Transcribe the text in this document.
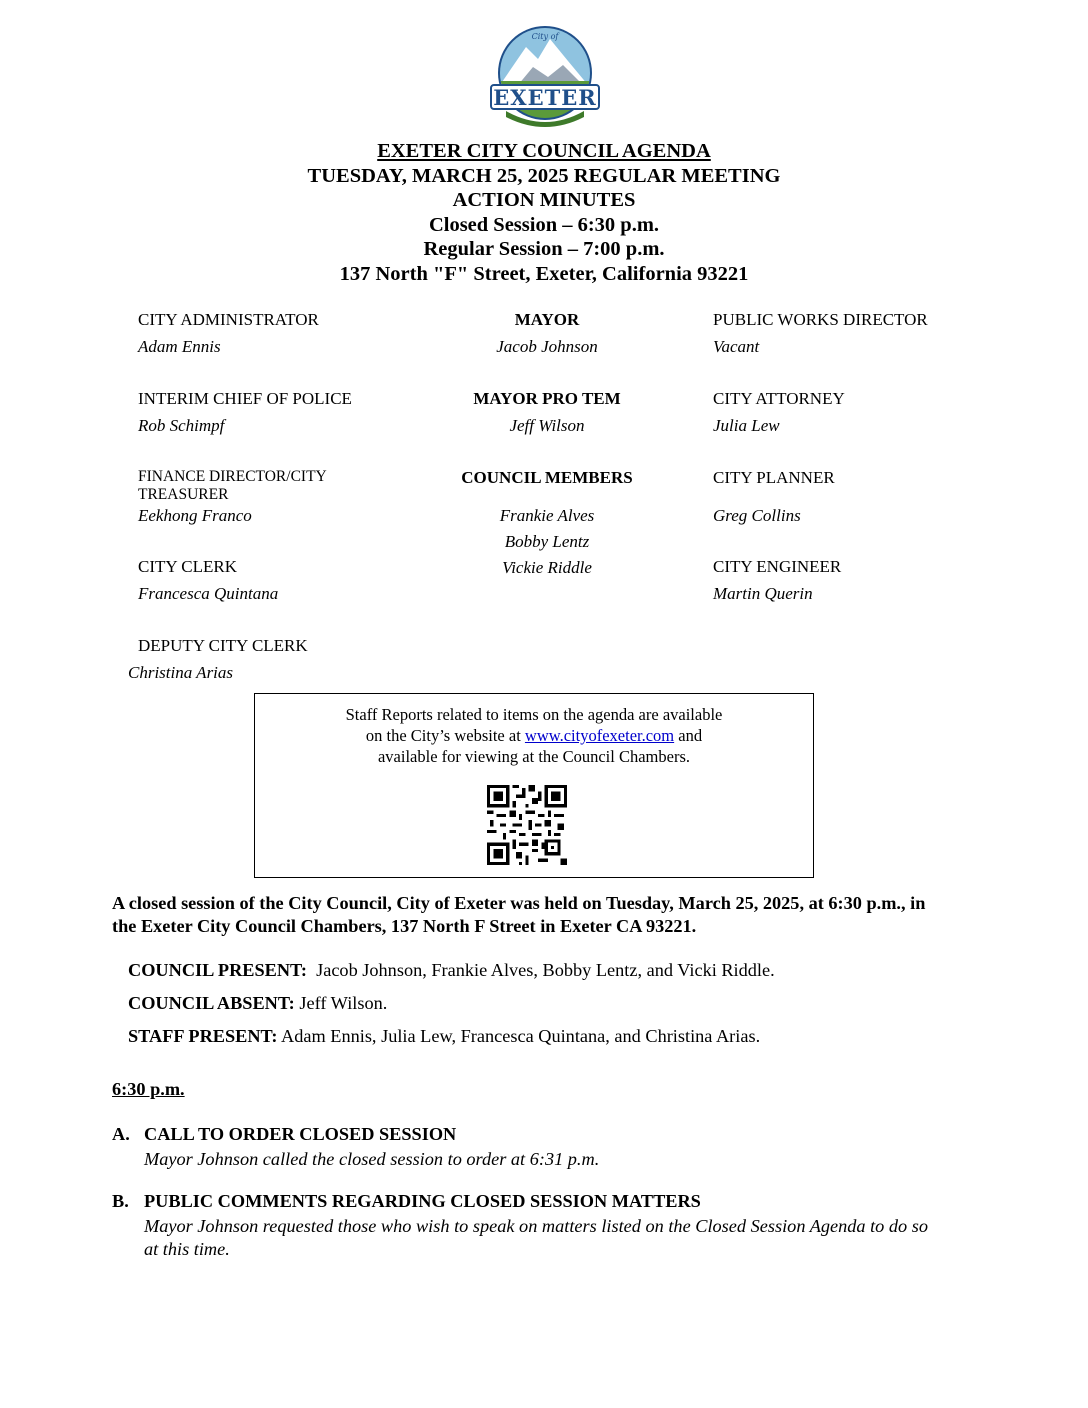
City of
EXETER
EXETER CITY COUNCIL AGENDA
TUESDAY, MARCH 25, 2025 REGULAR MEETING
ACTION MINUTES
Closed Session – 6:30 p.m.
Regular Session – 7:00 p.m.
137 North "F" Street, Exeter, California 93221
CITY ADMINISTRATOR
Adam Ennis
INTERIM CHIEF OF POLICE
Rob Schimpf
FINANCE DIRECTOR/CITY TREASURER
Eekhong Franco
CITY CLERK
Francesca Quintana
DEPUTY CITY CLERK
Christina Arias
MAYOR
Jacob Johnson
MAYOR PRO TEM
Jeff Wilson
COUNCIL MEMBERS
Frankie Alves
Bobby Lentz
Vickie Riddle
PUBLIC WORKS DIRECTOR
Vacant
CITY ATTORNEY
Julia Lew
CITY PLANNER
Greg Collins
CITY ENGINEER
Martin Querin
Staff Reports related to items on the agenda are available
on the City’s website at www.cityofexeter.com and
available for viewing at the Council Chambers.
A closed session of the City Council, City of Exeter was held on Tuesday, March 25, 2025, at 6:30 p.m., in the Exeter City Council Chambers, 137 North F Street in Exeter CA 93221.
COUNCIL PRESENT: Jacob Johnson, Frankie Alves, Bobby Lentz, and Vicki Riddle.
COUNCIL ABSENT: Jeff Wilson.
STAFF PRESENT: Adam Ennis, Julia Lew, Francesca Quintana, and Christina Arias.
6:30 p.m.
A. CALL TO ORDER CLOSED SESSION
Mayor Johnson called the closed session to order at 6:31 p.m.
B. PUBLIC COMMENTS REGARDING CLOSED SESSION MATTERS
Mayor Johnson requested those who wish to speak on matters listed on the Closed Session Agenda to do so at this time.
